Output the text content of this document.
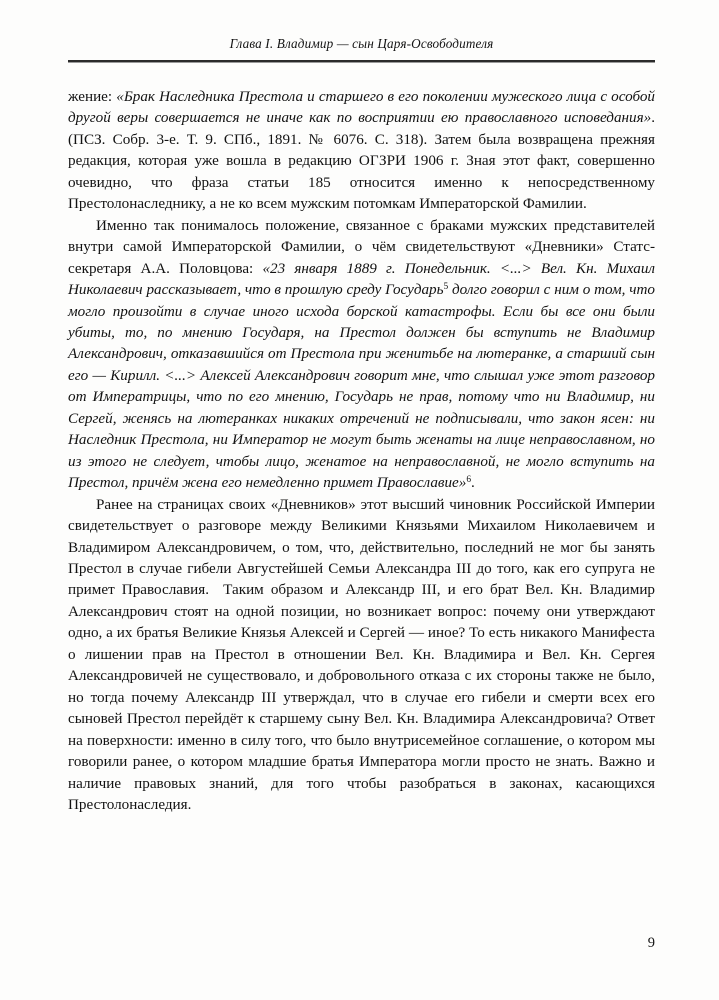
Глава I. Владимир — сын Царя-Освободителя

жение: «Брак Наследника Престола и старшего в его поколении мужеского лица с особой другой веры совершается не иначе как по восприятии ею православного исповедания». (ПСЗ. Собр. 3-е. Т. 9. СПб., 1891. № 6076. С. 318). Затем была возвращена прежняя редакция, которая уже вошла в редакцию ОГЗРИ 1906 г. Зная этот факт, совершенно очевидно, что фраза статьи 185 относится именно к непосредственному Престолонаследнику, а не ко всем мужским потомкам Императорской Фамилии.

Именно так понималось положение, связанное с браками мужских представителей внутри самой Императорской Фамилии, о чём свидетельствуют «Дневники» Статс-секретаря А.А. Половцова: «23 января 1889 г. Понедельник. <...> Вел. Кн. Михаил Николаевич рассказывает, что в прошлую среду Государь$^5$ долго говорил с ним о том, что могло произойти в случае иного исхода борской катастрофы. Если бы все они были убиты, то, по мнению Государя, на Престол должен бы вступить не Владимир Александрович, отказавшийся от Престола при женитьбе на лютеранке, а старший сын его — Кирилл. <...> Алексей Александрович говорит мне, что слышал уже этот разговор от Императрицы, что по его мнению, Государь не прав, потому что ни Владимир, ни Сергей, женясь на лютеранках никаких отречений не подписывали, что закон ясен: ни Наследник Престола, ни Император не могут быть женаты на лице неправославном, но из этого не следует, чтобы лицо, женатое на неправославной, не могло вступить на Престол, причём жена его немедленно примет Православие»$^6$.

Ранее на страницах своих «Дневников» этот высший чиновник Российской Империи свидетельствует о разговоре между Великими Князьями Михаилом Николаевичем и Владимиром Александровичем, о том, что, действительно, последний не мог бы занять Престол в случае гибели Августейшей Семьи Александра III до того, как его супруга не примет Православия.  Таким образом и Александр III, и его брат Вел. Кн. Владимир Александрович стоят на одной позиции, но возникает вопрос: почему они утверждают одно, а их братья Великие Князья Алексей и Сергей — иное? То есть никакого Манифеста о лишении прав на Престол в отношении Вел. Кн. Владимира и Вел. Кн. Сергея Александровичей не существовало, и добровольного отказа с их стороны также не было, но тогда почему Александр III утверждал, что в случае его гибели и смерти всех его сыновей Престол перейдёт к старшему сыну Вел. Кн. Владимира Александровича? Ответ на поверхности: именно в силу того, что было внутрисемейное соглашение, о котором мы говорили ранее, о котором младшие братья Императора могли просто не знать. Важно и наличие правовых знаний, для того чтобы разобраться в законах, касающихся Престолонаследия.

9
